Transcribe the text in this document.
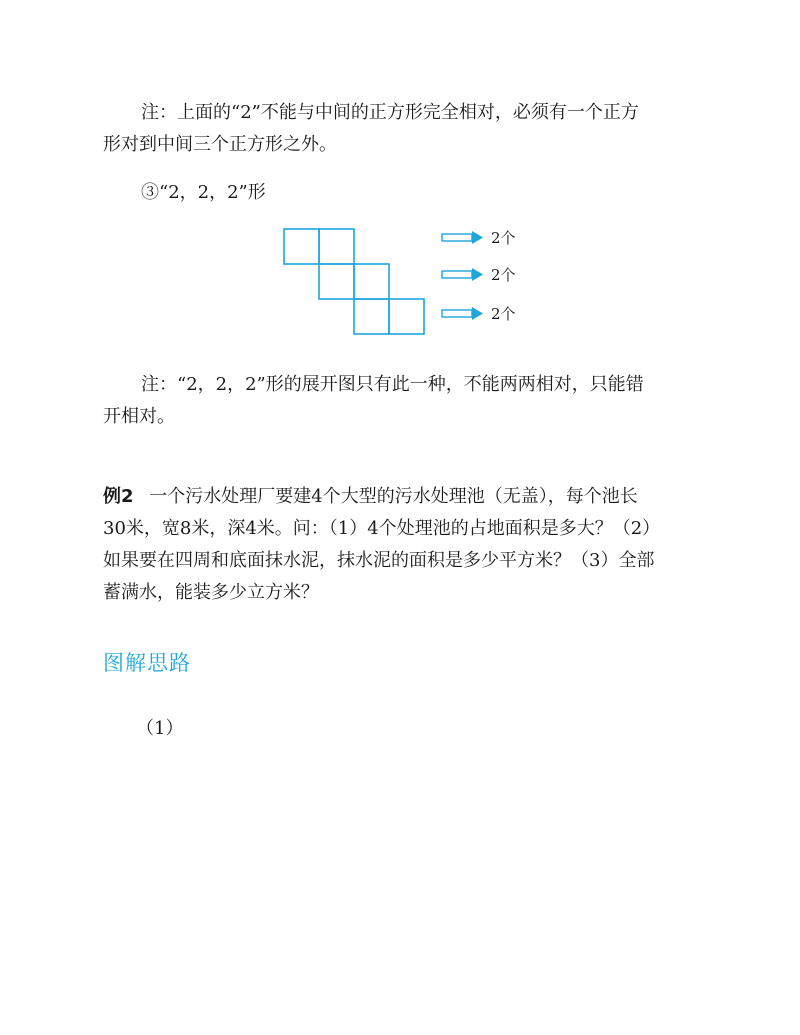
注：上面的“2”不能与中间的正方形完全相对，必须有一个正方
形对到中间三个正方形之外。
③“2，2，2”形
2个
2个
2个
注：“2，2，2”形的展开图只有此一种，不能两两相对，只能错
开相对。
例2 一个污水处理厂要建4个大型的污水处理池（无盖），每个池长
30米，宽8米，深4米。问：（1）4个处理池的占地面积是多大？（2）
如果要在四周和底面抹水泥，抹水泥的面积是多少平方米？（3）全部
蓄满水，能装多少立方米？
图解思路
（1）
